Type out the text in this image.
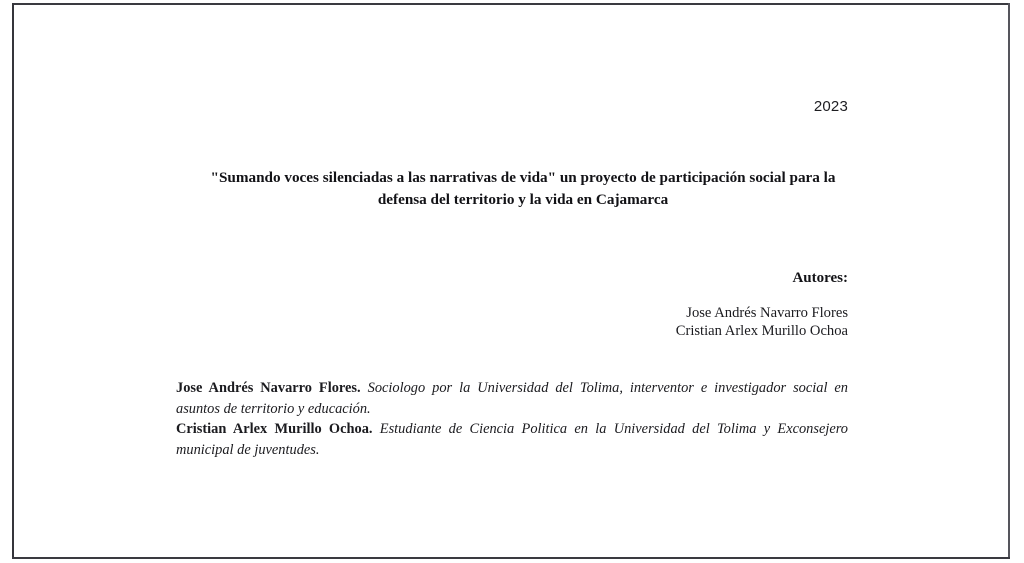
2023
"Sumando voces silenciadas a las narrativas de vida" un proyecto de participación social para la defensa del territorio y la vida en Cajamarca
Autores:
Jose Andrés Navarro Flores
Cristian Arlex Murillo Ochoa

Jose Andrés Navarro Flores. Sociologo por la Universidad del Tolima, interventor e investigador social en asuntos de territorio y educación.

Cristian Arlex Murillo Ochoa. Estudiante de Ciencia Politica en la Universidad del Tolima y Exconsejero municipal de juventudes.
